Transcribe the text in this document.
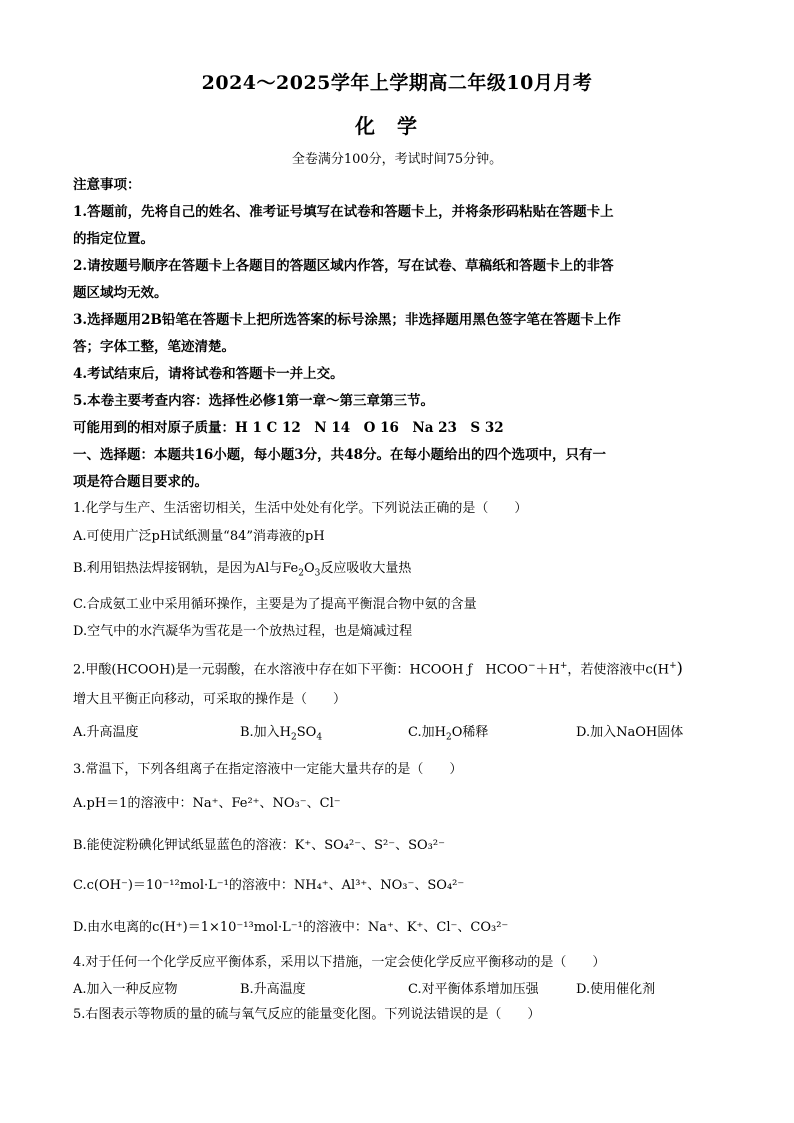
2024～2025学年上学期高二年级10月月考
化学
全卷满分100分，考试时间75分钟。
注意事项：
1.答题前，先将自己的姓名、准考证号填写在试卷和答题卡上，并将条形码粘贴在答题卡上
的指定位置。
2.请按题号顺序在答题卡上各题目的答题区域内作答，写在试卷、草稿纸和答题卡上的非答
题区域均无效。
3.选择题用2B铅笔在答题卡上把所选答案的标号涂黑；非选择题用黑色签字笔在答题卡上作
答；字体工整，笔迹清楚。
4.考试结束后，请将试卷和答题卡一并上交。
5.本卷主要考查内容：选择性必修1第一章～第三章第三节。
可能用到的相对原子质量：H 1 C 12　N 14　O 16　Na 23　S 32
一、选择题：本题共16小题，每小题3分，共48分。在每小题给出的四个选项中，只有一
项是符合题目要求的。
1.化学与生产、生活密切相关，生活中处处有化学。下列说法正确的是（　　）
A.可使用广泛pH试纸测量“84”消毒液的pH
B.利用铝热法焊接钢轨，是因为Al与$Fe_2O_3$反应吸收大量热
C.合成氨工业中采用循环操作，主要是为了提高平衡混合物中氨的含量
D.空气中的水汽凝华为雪花是一个放热过程，也是熵减过程
2.甲酸(HCOOH)是一元弱酸，在水溶液中存在如下平衡：HCOOH ƒ　HCOO−＋H+，若使溶液中c(H+)
增大且平衡正向移动，可采取的操作是（　　）
A.升高温度	B.加入$H_2SO_4$	C.加$H_2O$稀释	D.加入NaOH固体
3.常温下，下列各组离子在指定溶液中一定能大量共存的是（　　）
A.pH＝1的溶液中：Na⁺、Fe²⁺、NO₃⁻、Cl⁻
B.能使淀粉碘化钾试纸显蓝色的溶液：K⁺、SO₄²⁻、S²⁻、SO₃²⁻
C.c(OH⁻)＝10⁻¹²mol·L⁻¹的溶液中：NH₄⁺、Al³⁺、NO₃⁻、SO₄²⁻
D.由水电离的c(H⁺)＝1×10⁻¹³mol·L⁻¹的溶液中：Na⁺、K⁺、Cl⁻、CO₃²⁻
4.对于任何一个化学反应平衡体系，采用以下措施，一定会使化学反应平衡移动的是（　　）
A.加入一种反应物	B.升高温度	C.对平衡体系增加压强	D.使用催化剂
5.右图表示等物质的量的硫与氧气反应的能量变化图。下列说法错误的是（　　）
